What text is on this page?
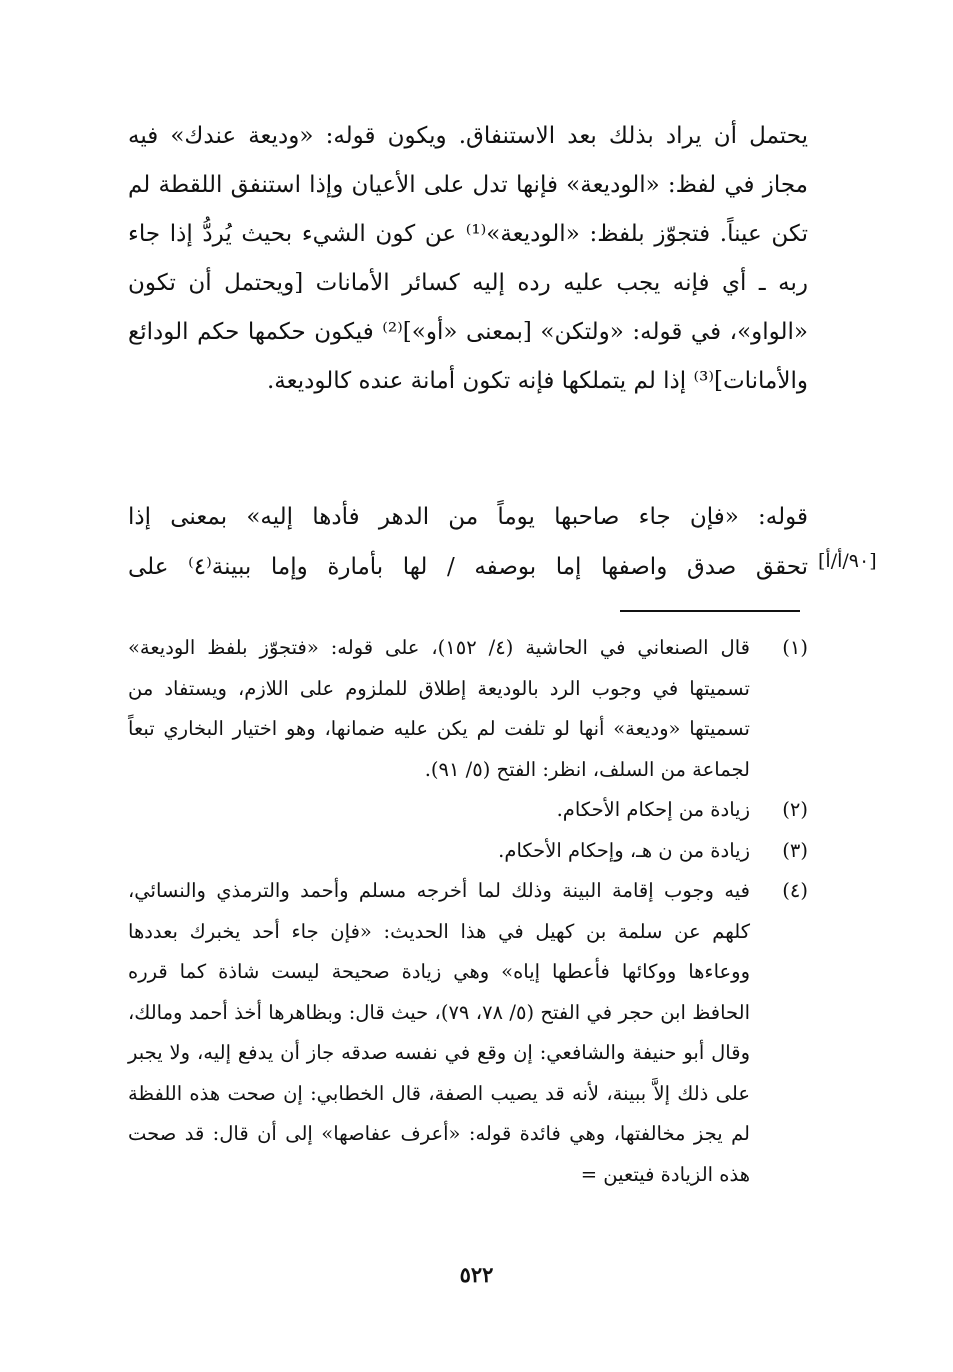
يحتمل أن يراد بذلك بعد الاستنفاق. ويكون قوله: «وديعة عندك» فيه مجاز في لفظ: «الوديعة» فإنها تدل على الأعيان وإذا استنفق اللقطة لم تكن عيناً. فتجوّز بلفظ: «الوديعة»⁽¹⁾ عن كون الشيء بحيث يُردُّ إذا جاء ربه ـ أي فإنه يجب عليه رده إليه كسائر الأمانات [ويحتمل أن تكون «الواو»، في قوله: «ولتكن» [بمعنى «أو»]⁽²⁾ فيكون حكمها حكم الودائع والأمانات]⁽³⁾ إذا لم يتملكها فإنه تكون أمانة عنده كالوديعة.

قوله: «فإن جاء صاحبها يوماً من الدهر فأدها إليه» بمعنى إذا
تحقق صدق واصفها إما بوصفه / لها بأمارة وإما ببينة⁽٤⁾ على [٩٠/أ/أ]
(١)
قال الصنعاني في الحاشية (٤/ ١٥٢)، على قوله: «فتجوّز بلفظ الوديعة» تسميتها في وجوب الرد بالوديعة إطلاق للملزوم على اللازم، ويستفاد من تسميتها «وديعة» أنها لو تلفت لم يكن عليه ضمانها، وهو اختيار البخاري تبعاً لجماعة من السلف، انظر: الفتح (٥/ ٩١).
(٢)
زيادة من إحكام الأحكام.
(٣)
زيادة من ن هـ، وإحكام الأحكام.
(٤)
فيه وجوب إقامة البينة وذلك لما أخرجه مسلم وأحمد والترمذي والنسائي، كلهم عن سلمة بن كهيل في هذا الحديث: «فإن جاء أحد يخبرك بعددها ووعاءها ووكائها فأعطها إياه» وهي زيادة صحيحة ليست شاذة كما قرره الحافظ ابن حجر في الفتح (٥/ ٧٨، ٧٩)، حيث قال: وبظاهرها أخذ أحمد ومالك، وقال أبو حنيفة والشافعي: إن وقع في نفسه صدقه جاز أن يدفع إليه، ولا يجبر على ذلك إلاَّ ببينة، لأنه قد يصيب الصفة، قال الخطابي: إن صحت هذه اللفظة لم يجز مخالفتها، وهي فائدة قوله: «أعرف عفاصها» إلى أن قال: قد صحت هذه الزيادة فيتعين =
٥٢٢
